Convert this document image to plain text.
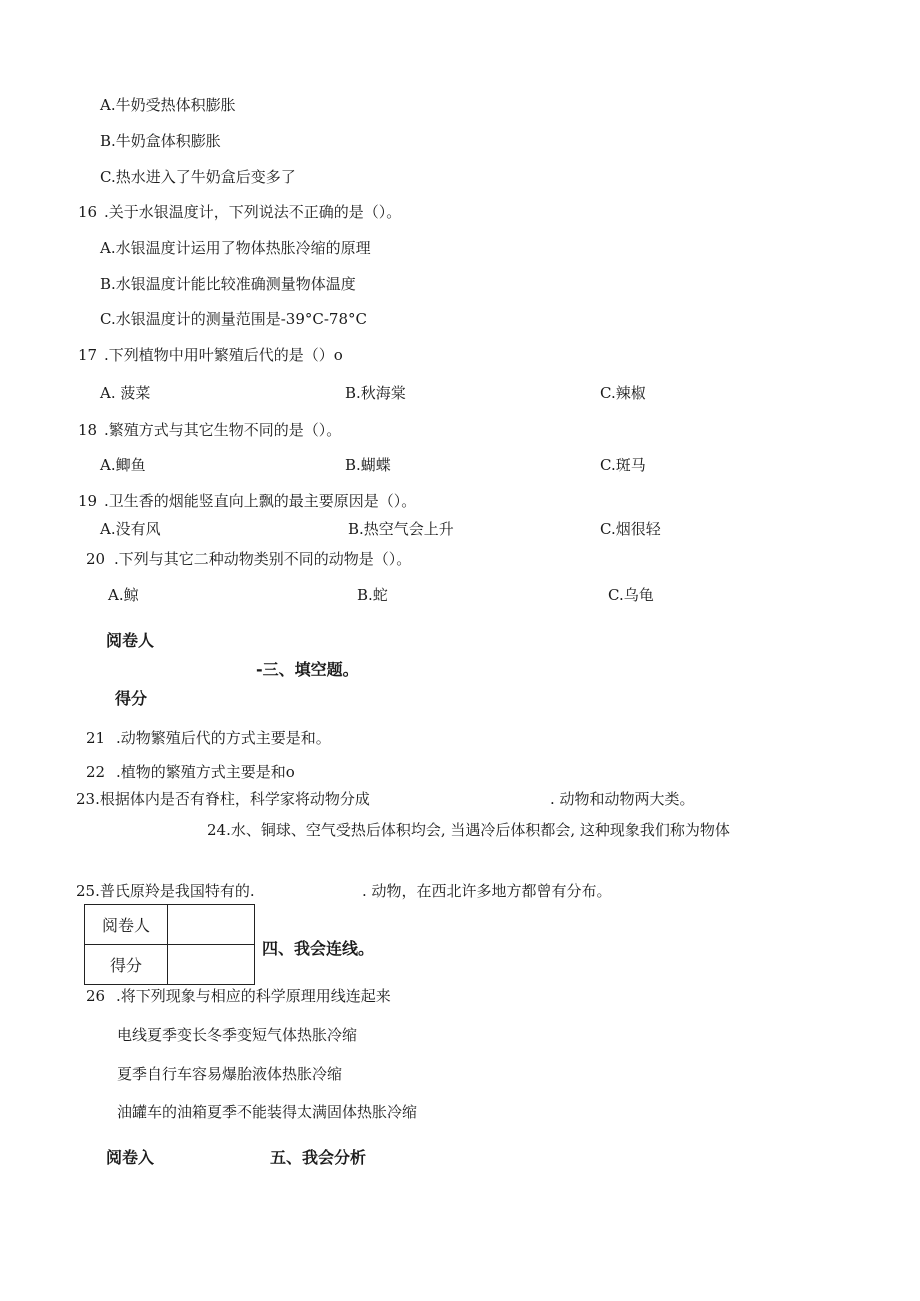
A.牛奶受热体积膨胀
B.牛奶盒体积膨胀
C.热水进入了牛奶盒后变多了
16 .关于水银温度计，下列说法不正确的是（）。
A.水银温度计运用了物体热胀冷缩的原理
B.水银温度计能比较准确测量物体温度
C.水银温度计的测量范围是-39°C-78°C
17 .下列植物中用叶繁殖后代的是（）o
A. 菠菜	B.秋海棠	C.辣椒
18 .繁殖方式与其它生物不同的是（）。
A.鲫鱼	B.蝴蝶	C.斑马
19 .卫生香的烟能竖直向上飘的最主要原因是（）。
A.没有风	B.热空气会上升	C.烟很轻
20 .下列与其它二种动物类别不同的动物是（）。
A.鲸	B.蛇	C.乌龟
阅卷人
-三、填空题。
得分
21 .动物繁殖后代的方式主要是和。
22 .植物的繁殖方式主要是和o
23.根据体内是否有脊柱，科学家将动物分成	. 动物和动物两大类。
24.水、铜球、空气受热后体积均会, 当遇冷后体积都会, 这种现象我们称为物体
25.普氏原羚是我国特有的.	. 动物，在西北许多地方都曾有分布。
阅卷人	
得分	
四、我会连线。
26 .将下列现象与相应的科学原理用线连起来
电线夏季变长冬季变短气体热胀冷缩
夏季自行车容易爆胎液体热胀冷缩
油罐车的油箱夏季不能装得太满固体热胀冷缩
阅卷入	五、我会分析
